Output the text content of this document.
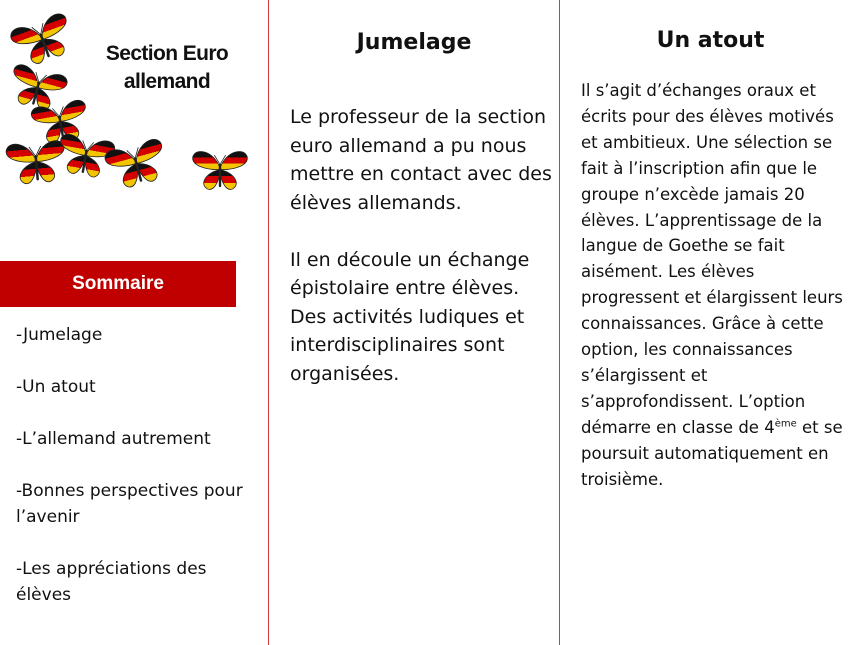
Section Euro
allemand
Sommaire
-Jumelage
-Un atout
-L’allemand autrement
-Bonnes perspectives pour l’avenir
-Les appréciations des élèves
Jumelage

Le professeur de la section euro allemand a pu nous mettre en contact avec des élèves allemands.

Il en découle un échange épistolaire entre élèves. Des activités ludiques et interdisciplinaires sont organisées.

Un atout

Il s’agit d’échanges oraux et écrits pour des élèves motivés et ambitieux. Une sélection se fait à l’inscription afin que le groupe n’excède jamais 20 élèves. L’apprentissage de la langue de Goethe se fait aisément. Les élèves progressent et élargissent leurs connaissances. Grâce à cette option, les connaissances s’élargissent et s’approfondissent. L’option démarre en classe de 4ème et se poursuit automatiquement en troisième.
